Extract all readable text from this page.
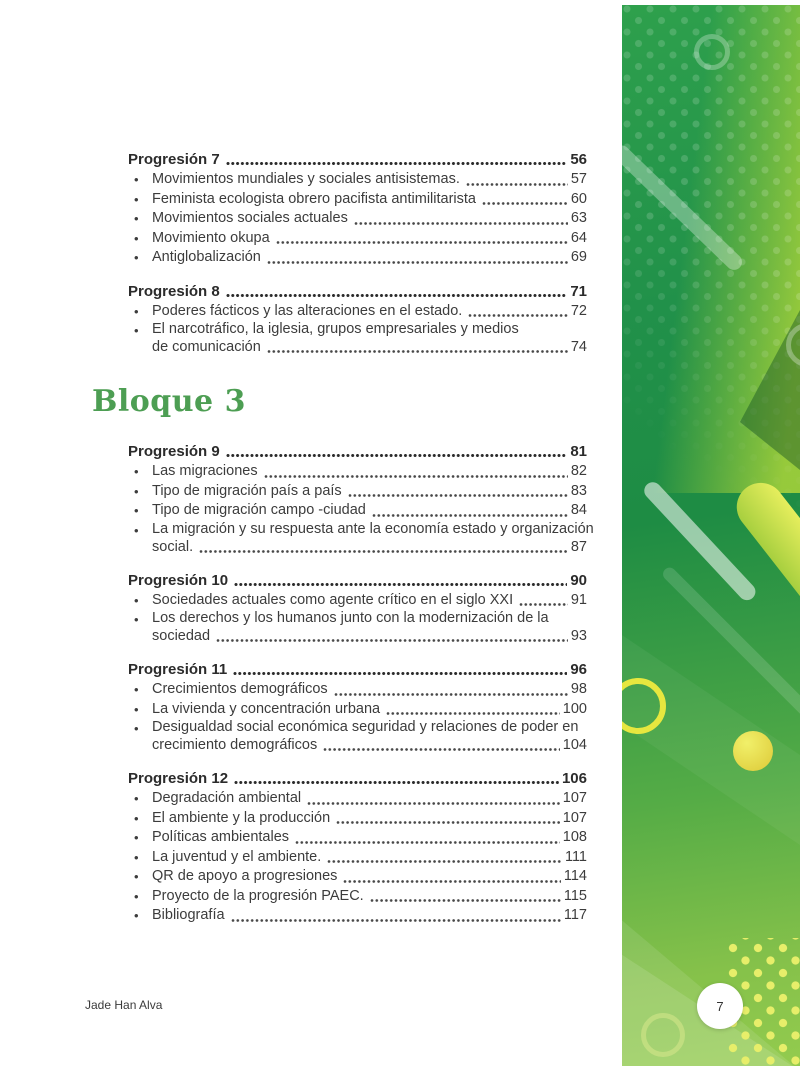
Progresión 7	56
•
Movimientos mundiales y sociales antisistemas.	57
•
Feminista ecologista obrero pacifista antimilitarista	60
•
Movimientos sociales actuales	63
•
Movimiento okupa	64
•
Antiglobalización	69
Progresión 8	71
•
Poderes fácticos y las alteraciones en el estado.	72
•
El narcotráfico, la iglesia, grupos empresariales y medios
de comunicación	74
Bloque 3
Progresión 9	81
•
Las migraciones	82
•
Tipo de migración país a país	83
•
Tipo de migración campo -ciudad	84
•
La migración y su respuesta ante la economía estado y organización
social.	87
Progresión 10	90
•
Sociedades actuales como agente crítico en el siglo XXI	91
•
Los derechos y los humanos junto con la modernización de la
sociedad	93
Progresión 11	96
•
Crecimientos demográficos	98
•
La vivienda y concentración urbana	100
•
Desigualdad social económica seguridad y relaciones de poder en
crecimiento demográficos	104
Progresión 12	106
•
Degradación ambiental	107
•
El ambiente y la producción	107
•
Políticas ambientales	108
•
La juventud y el ambiente.	111
•
QR de apoyo a progresiones	114
•
Proyecto de la progresión PAEC.	115
•
Bibliografía	117
Jade Han Alva	7
